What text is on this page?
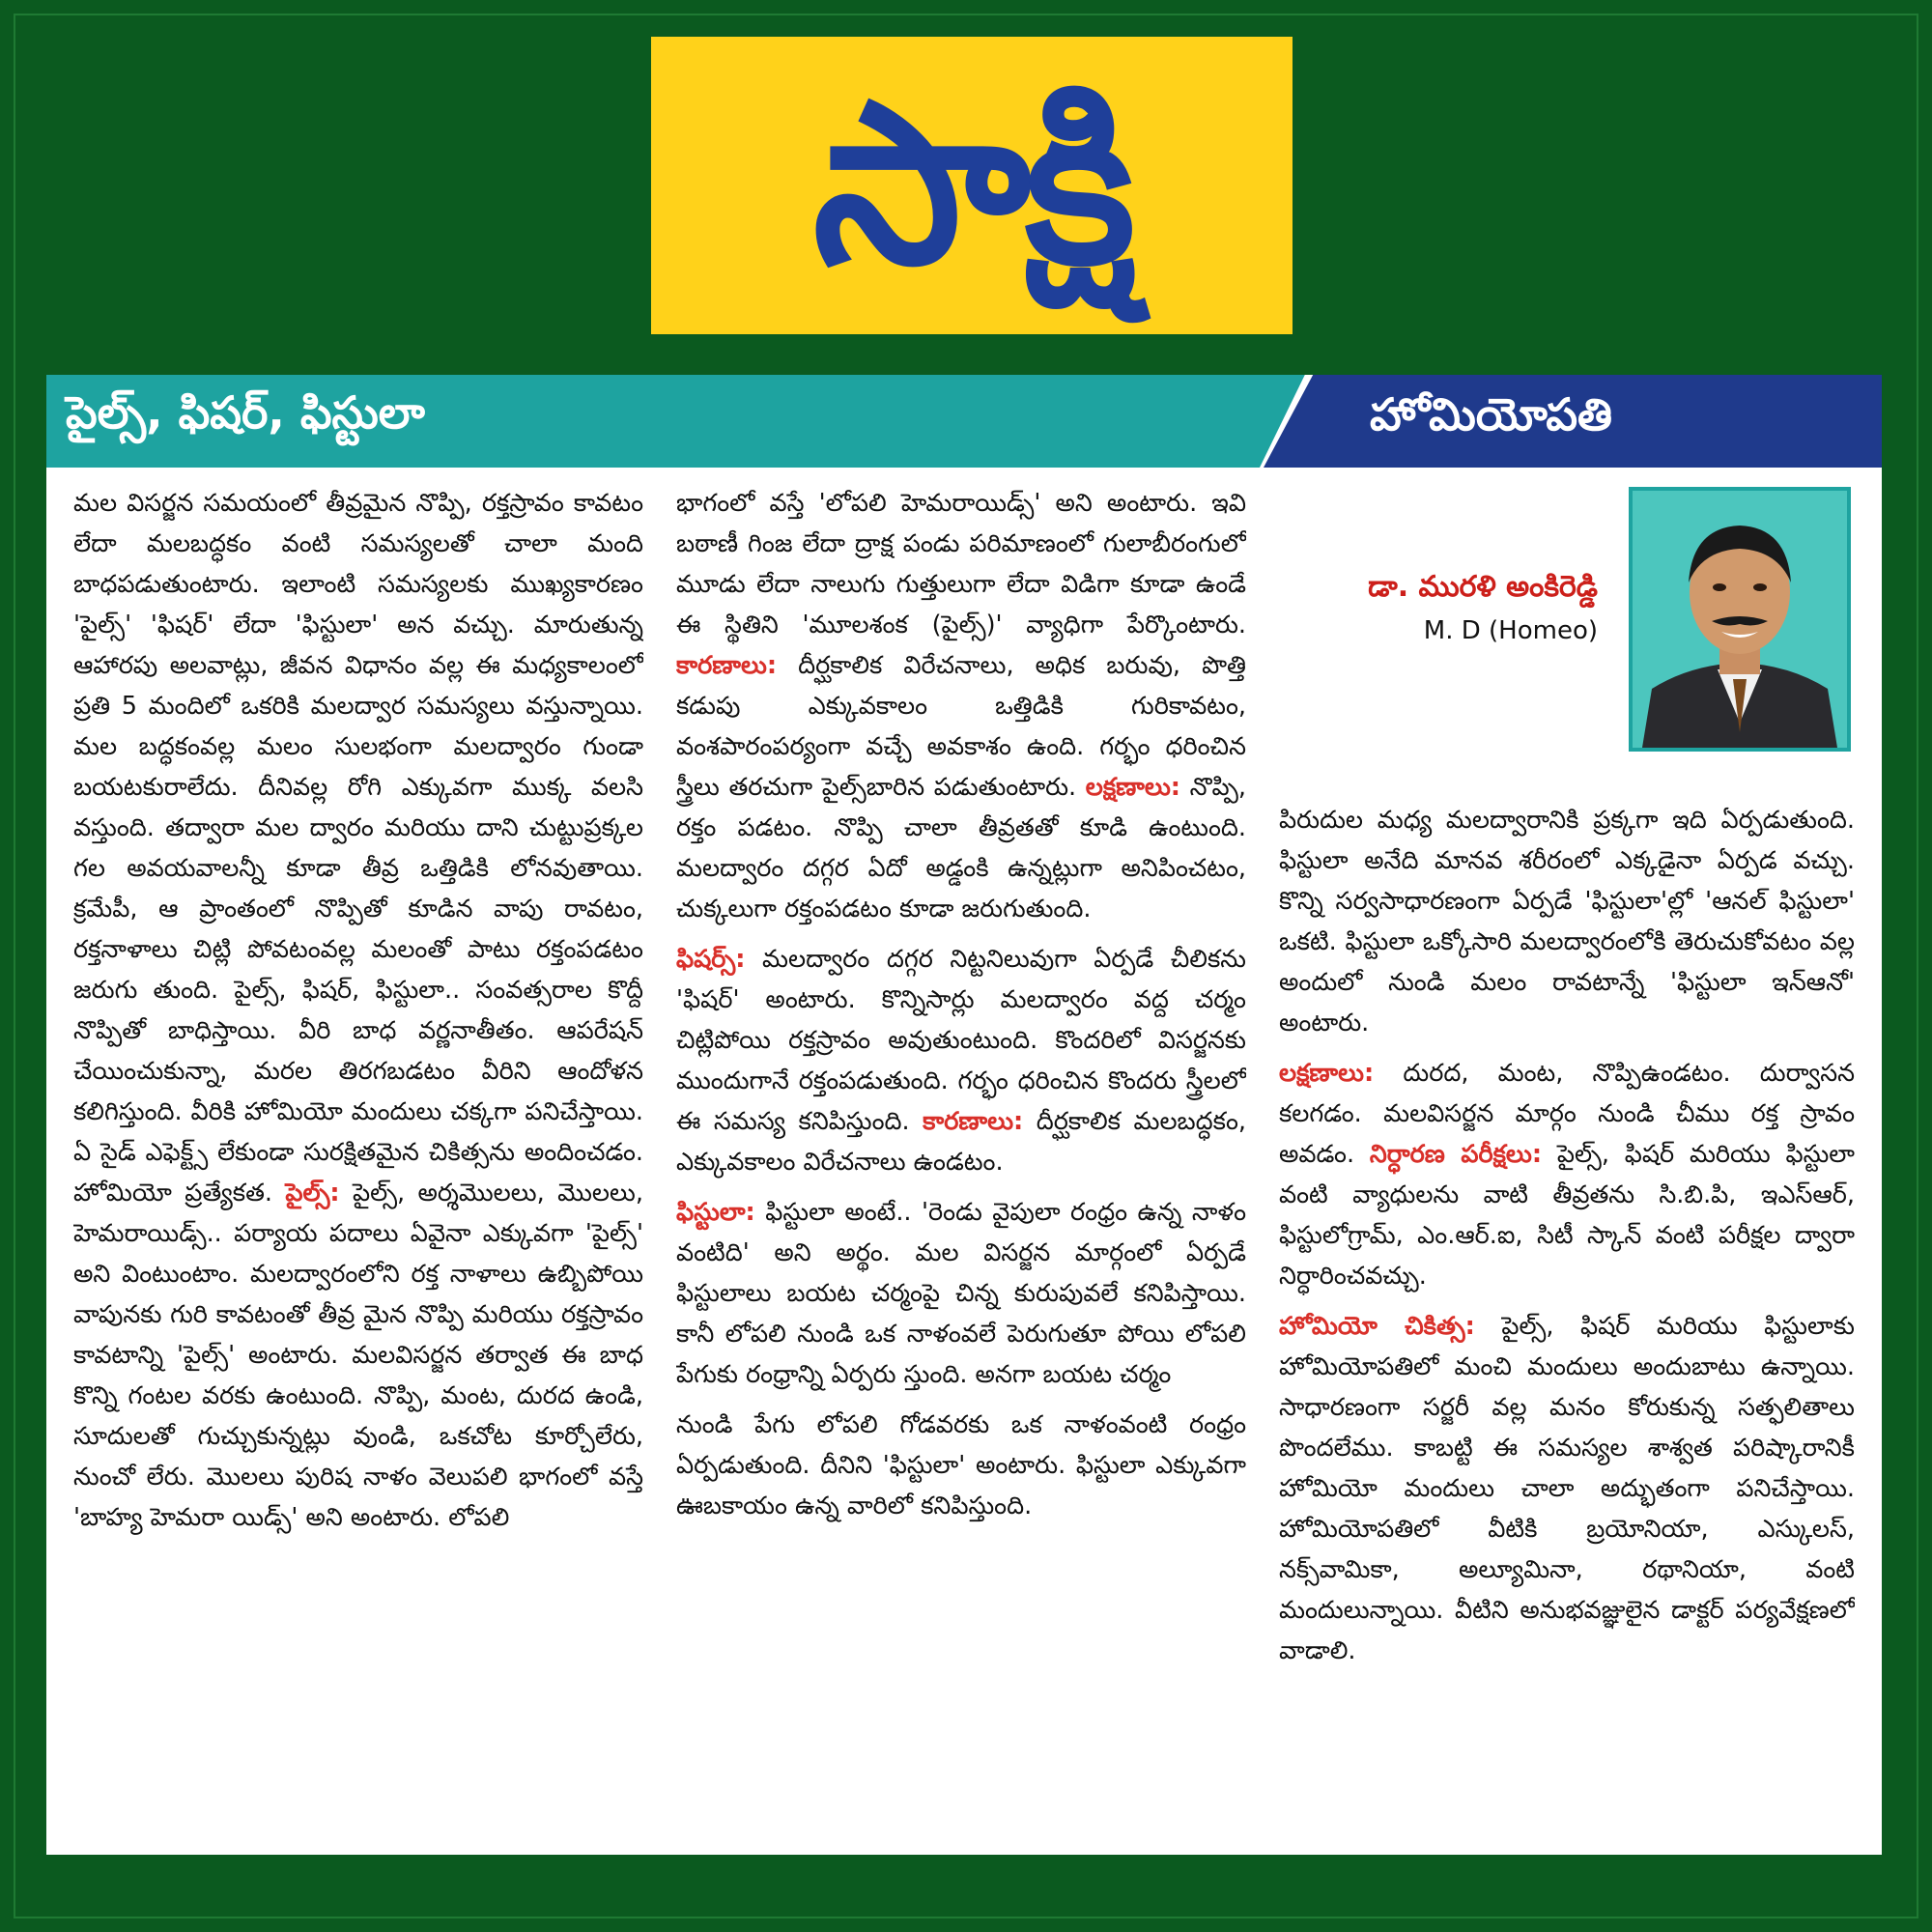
సాక్షి
పైల్స్, ఫిషర్, ఫిస్టులా	హోమియోపతి

మల విసర్జన సమయంలో తీవ్రమైన నొప్పి, రక్తస్రావం కావటం లేదా మలబద్ధకం వంటి సమస్యలతో చాలా మంది బాధపడుతుంటారు. ఇలాంటి సమస్యలకు ముఖ్యకారణం 'పైల్స్' 'ఫిషర్' లేదా 'ఫిస్టులా' అన వచ్చు. మారుతున్న ఆహారపు అలవాట్లు, జీవన విధానం వల్ల ఈ మధ్యకాలంలో ప్రతి 5 మందిలో ఒకరికి మలద్వార సమస్యలు వస్తున్నాయి. మల బద్ధకంవల్ల మలం సులభంగా మలద్వారం గుండా బయటకురాలేదు. దీనివల్ల రోగి ఎక్కువగా ముక్క వలసి వస్తుంది. తద్వారా మల ద్వారం మరియు దాని చుట్టుప్రక్కల గల అవయవాలన్నీ కూడా తీవ్ర ఒత్తిడికి లోనవుతాయి. క్రమేపీ, ఆ ప్రాంతంలో నొప్పితో కూడిన వాపు రావటం, రక్తనాళాలు చిట్లి పోవటంవల్ల మలంతో పాటు రక్తంపడటం జరుగు తుంది. పైల్స్, ఫిషర్, ఫిస్టులా.. సంవత్సరాల కొద్దీ నొప్పితో బాధిస్తాయి. వీరి బాధ వర్ణనాతీతం. ఆపరేషన్ చేయించుకున్నా, మరల తిరగబడటం వీరిని ఆందోళన కలిగిస్తుంది. వీరికి హోమియో మందులు చక్కగా పనిచేస్తాయి. ఏ సైడ్ ఎఫెక్ట్స్ లేకుండా సురక్షితమైన చికిత్సను అందించడం. హోమియో ప్రత్యేకత. పైల్స్: పైల్స్, అర్శమొలలు, మొలలు, హెమరాయిడ్స్.. పర్యాయ పదాలు ఏవైనా ఎక్కువగా 'పైల్స్' అని వింటుంటాం. మలద్వారంలోని రక్త నాళాలు ఉబ్బిపోయి వాపునకు గురి కావటంతో తీవ్ర మైన నొప్పి మరియు రక్తస్రావం కావటాన్ని 'పైల్స్' అంటారు. మలవిసర్జన తర్వాత ఈ బాధ కొన్ని గంటల వరకు ఉంటుంది. నొప్పి, మంట, దురద ఉండి, సూదులతో గుచ్చుకున్నట్లు వుండి, ఒకచోట కూర్చోలేరు, నుంచో లేరు. మొలలు పురిష నాళం వెలుపలి భాగంలో వస్తే 'బాహ్య హెమరా యిడ్స్' అని అంటారు. లోపలి

భాగంలో వస్తే 'లోపలి హెమరాయిడ్స్' అని అంటారు. ఇవి బఠాణీ గింజ లేదా ద్రాక్ష పండు పరిమాణంలో గులాబీరంగులో మూడు లేదా నాలుగు గుత్తులుగా లేదా విడిగా కూడా ఉండే ఈ స్థితిని 'మూలశంక (పైల్స్)' వ్యాధిగా పేర్కొంటారు. కారణాలు: దీర్ఘకాలిక విరేచనాలు, అధిక బరువు, పొత్తి కడుపు ఎక్కువకాలం ఒత్తిడికి గురికావటం, వంశపారంపర్యంగా వచ్చే అవకాశం ఉంది. గర్భం ధరించిన స్త్రీలు తరచుగా పైల్స్‌బారిన పడుతుంటారు. లక్షణాలు: నొప్పి, రక్తం పడటం. నొప్పి చాలా తీవ్రతతో కూడి ఉంటుంది. మలద్వారం దగ్గర ఏదో అడ్డంకి ఉన్నట్లుగా అనిపించటం, చుక్కలుగా రక్తంపడటం కూడా జరుగుతుంది.

ఫిషర్స్: మలద్వారం దగ్గర నిట్టనిలువుగా ఏర్పడే చీలికను 'ఫిషర్' అంటారు. కొన్నిసార్లు మలద్వారం వద్ద చర్మం చిట్లిపోయి రక్తస్రావం అవుతుంటుంది. కొందరిలో విసర్జనకు ముందుగానే రక్తంపడుతుంది. గర్భం ధరించిన కొందరు స్త్రీలలో ఈ సమస్య కనిపిస్తుంది. కారణాలు: దీర్ఘకాలిక మలబద్ధకం, ఎక్కువకాలం విరేచనాలు ఉండటం.

ఫిస్టులా: ఫిస్టులా అంటే.. 'రెండు వైపులా రంధ్రం ఉన్న నాళం వంటిది' అని అర్థం. మల విసర్జన మార్గంలో ఏర్పడే ఫిస్టులాలు బయట చర్మంపై చిన్న కురుపువలే కనిపిస్తాయి. కానీ లోపలి నుండి ఒక నాళంవలే పెరుగుతూ పోయి లోపలి పేగుకు రంధ్రాన్ని ఏర్పరు స్తుంది. అనగా బయట చర్మం

నుండి పేగు లోపలి గోడవరకు ఒక నాళంవంటి రంధ్రం ఏర్పడుతుంది. దీనిని 'ఫిస్టులా' అంటారు. ఫిస్టులా ఎక్కువగా ఊబకాయం ఉన్న వారిలో కనిపిస్తుంది.

డా. మురళి అంకిరెడ్డి
M. D (Homeo)

పిరుదుల మధ్య మలద్వారానికి ప్రక్కగా ఇది ఏర్పడుతుంది. ఫిస్టులా అనేది మానవ శరీరంలో ఎక్కడైనా ఏర్పడ వచ్చు. కొన్ని సర్వసాధారణంగా ఏర్పడే 'ఫిస్టులా'ల్లో 'ఆనల్ ఫిస్టులా' ఒకటి. ఫిస్టులా ఒక్కోసారి మలద్వారంలోకి తెరుచుకోవటం వల్ల అందులో నుండి మలం రావటాన్నే 'ఫిస్టులా ఇన్ఆనో' అంటారు.

లక్షణాలు: దురద, మంట, నొప్పిఉండటం. దుర్వాసన కలగడం. మలవిసర్జన మార్గం నుండి చీము రక్త స్రావం అవడం. నిర్ధారణ పరీక్షలు: పైల్స్, ఫిషర్ మరియు ఫిస్టులా వంటి వ్యాధులను వాటి తీవ్రతను సి.బి.పి, ఇఎస్ఆర్, ఫిస్టులోగ్రామ్, ఎం.ఆర్.ఐ, సిటీ స్కాన్ వంటి పరీక్షల ద్వారా నిర్ధారించవచ్చు.

హోమియో చికిత్స: పైల్స్, ఫిషర్ మరియు ఫిస్టులాకు హోమియోపతిలో మంచి మందులు అందుబాటు ఉన్నాయి. సాధారణంగా సర్జరీ వల్ల మనం కోరుకున్న సత్ఫలితాలు పొందలేము. కాబట్టి ఈ సమస్యల శాశ్వత పరిష్కారానికీ హోమియో మందులు చాలా అద్భుతంగా పనిచేస్తాయి. హోమియోపతిలో వీటికి బ్రయోనియా, ఎస్కులస్, నక్స్‌వామికా, అల్యూమినా, రథానియా, వంటి మందులున్నాయి. వీటిని అనుభవజ్ఞులైన డాక్టర్ పర్యవేక్షణలో వాడాలి.
